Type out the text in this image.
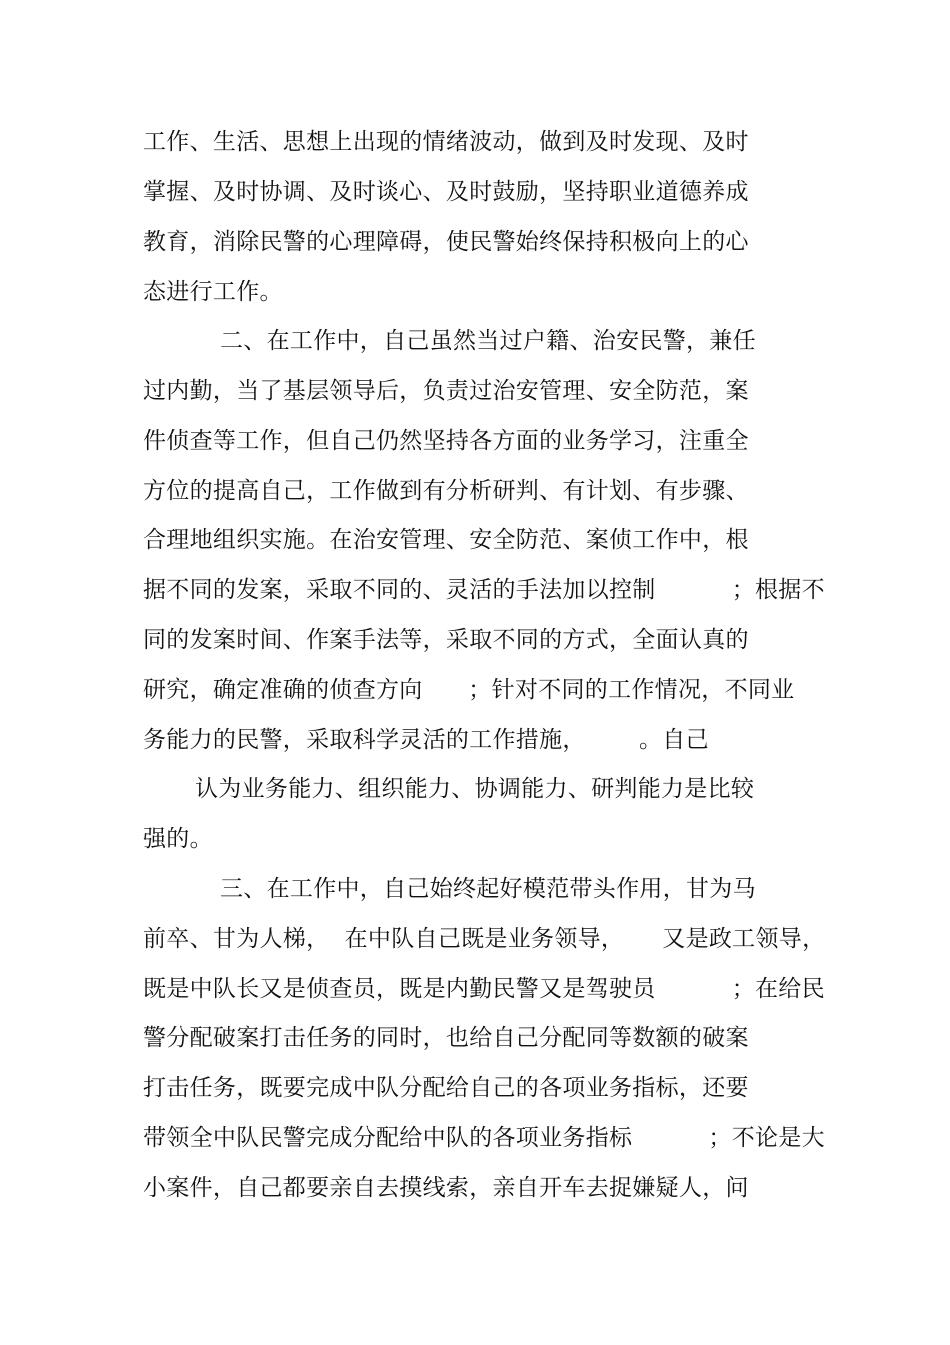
工作、生活、思想上出现的情绪波动，做到及时发现、及时
掌握、及时协调、及时谈心、及时鼓励，坚持职业道德养成
教育，消除民警的心理障碍，使民警始终保持积极向上的心
态进行工作。
二、在工作中，自己虽然当过户籍、治安民警，兼任
过内勤，当了基层领导后，负责过治安管理、安全防范，案
件侦查等工作，但自己仍然坚持各方面的业务学习，注重全
方位的提高自己，工作做到有分析研判、有计划、有步骤、
合理地组织实施。在治安管理、安全防范、案侦工作中，根
据不同的发案，采取不同的、灵活的手法加以控制          ；根据不
同的发案时间、作案手法等，采取不同的方式，全面认真的
研究，确定准确的侦查方向      ；针对不同的工作情况，不同业
务能力的民警，采取科学灵活的工作措施，       。自己
认为业务能力、组织能力、协调能力、研判能力是比较
强的。
三、在工作中，自己始终起好模范带头作用，甘为马
前卒、甘为人梯，  在中队自己既是业务领导，     又是政工领导，
既是中队长又是侦查员，既是内勤民警又是驾驶员          ；在给民
警分配破案打击任务的同时，也给自己分配同等数额的破案
打击任务，既要完成中队分配给自己的各项业务指标，还要
带领全中队民警完成分配给中队的各项业务指标          ；不论是大
小案件，自己都要亲自去摸线索，亲自开车去捉嫌疑人，问
